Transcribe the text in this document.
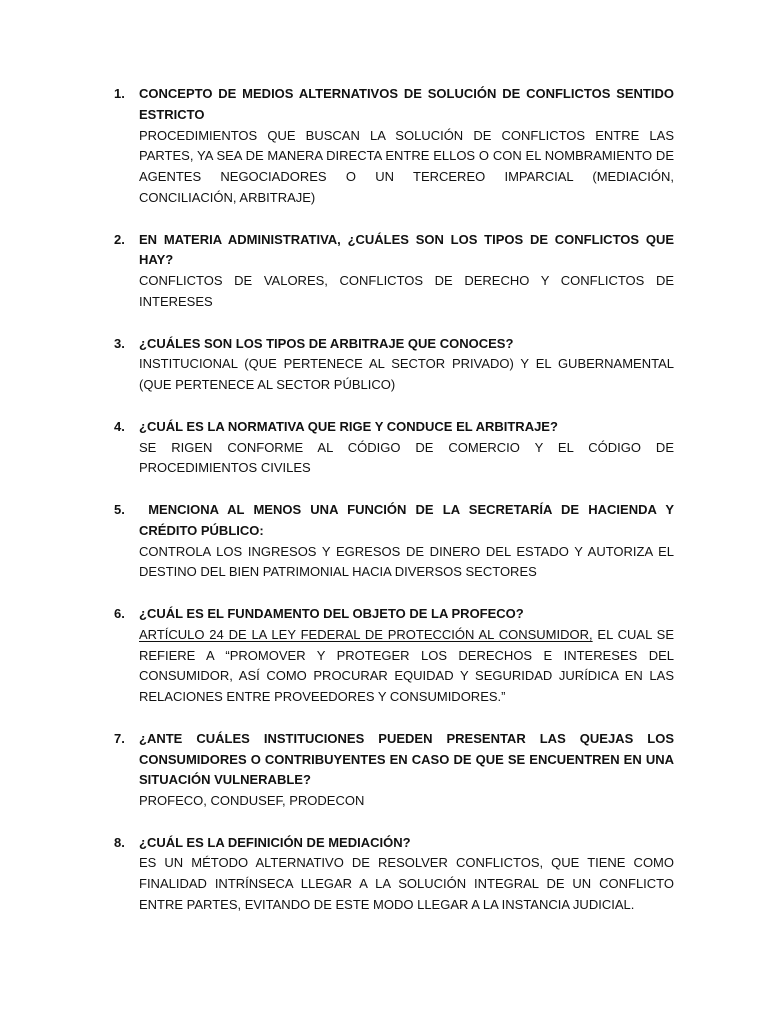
1. CONCEPTO DE MEDIOS ALTERNATIVOS DE SOLUCIÓN DE CONFLICTOS SENTIDO ESTRICTO
PROCEDIMIENTOS QUE BUSCAN LA SOLUCIÓN DE CONFLICTOS ENTRE LAS PARTES, YA SEA DE MANERA DIRECTA ENTRE ELLOS O CON EL NOMBRAMIENTO DE AGENTES NEGOCIADORES O UN TERCEREO IMPARCIAL (MEDIACIÓN, CONCILIACIÓN, ARBITRAJE)
2. EN MATERIA ADMINISTRATIVA, ¿CUÁLES SON LOS TIPOS DE CONFLICTOS QUE HAY?
CONFLICTOS DE VALORES, CONFLICTOS DE DERECHO Y CONFLICTOS DE INTERESES
3. ¿CUÁLES SON LOS TIPOS DE ARBITRAJE QUE CONOCES?
INSTITUCIONAL (QUE PERTENECE AL SECTOR PRIVADO) Y EL GUBERNAMENTAL (QUE PERTENECE AL SECTOR PÚBLICO)
4. ¿CUÁL ES LA NORMATIVA QUE RIGE Y CONDUCE EL ARBITRAJE?
SE RIGEN CONFORME AL CÓDIGO DE COMERCIO Y EL CÓDIGO DE PROCEDIMIENTOS CIVILES
5. MENCIONA AL MENOS UNA FUNCIÓN DE LA SECRETARÍA DE HACIENDA Y CRÉDITO PÚBLICO:
CONTROLA LOS INGRESOS Y EGRESOS DE DINERO DEL ESTADO Y AUTORIZA EL DESTINO DEL BIEN PATRIMONIAL HACIA DIVERSOS SECTORES
6. ¿CUÁL ES EL FUNDAMENTO DEL OBJETO DE LA PROFECO?
ARTÍCULO 24 DE LA LEY FEDERAL DE PROTECCIÓN AL CONSUMIDOR, EL CUAL SE REFIERE A “PROMOVER Y PROTEGER LOS DERECHOS E INTERESES DEL CONSUMIDOR, ASÍ COMO PROCURAR EQUIDAD Y SEGURIDAD JURÍDICA EN LAS RELACIONES ENTRE PROVEEDORES Y CONSUMIDORES.”
7. ¿ANTE CUÁLES INSTITUCIONES PUEDEN PRESENTAR LAS QUEJAS LOS CONSUMIDORES O CONTRIBUYENTES EN CASO DE QUE SE ENCUENTREN EN UNA SITUACIÓN VULNERABLE?
PROFECO, CONDUSEF, PRODECON
8. ¿CUÁL ES LA DEFINICIÓN DE MEDIACIÓN?
ES UN MÉTODO ALTERNATIVO DE RESOLVER CONFLICTOS, QUE TIENE COMO FINALIDAD INTRÍNSECA LLEGAR A LA SOLUCIÓN INTEGRAL DE UN CONFLICTO ENTRE PARTES, EVITANDO DE ESTE MODO LLEGAR A LA INSTANCIA JUDICIAL.
